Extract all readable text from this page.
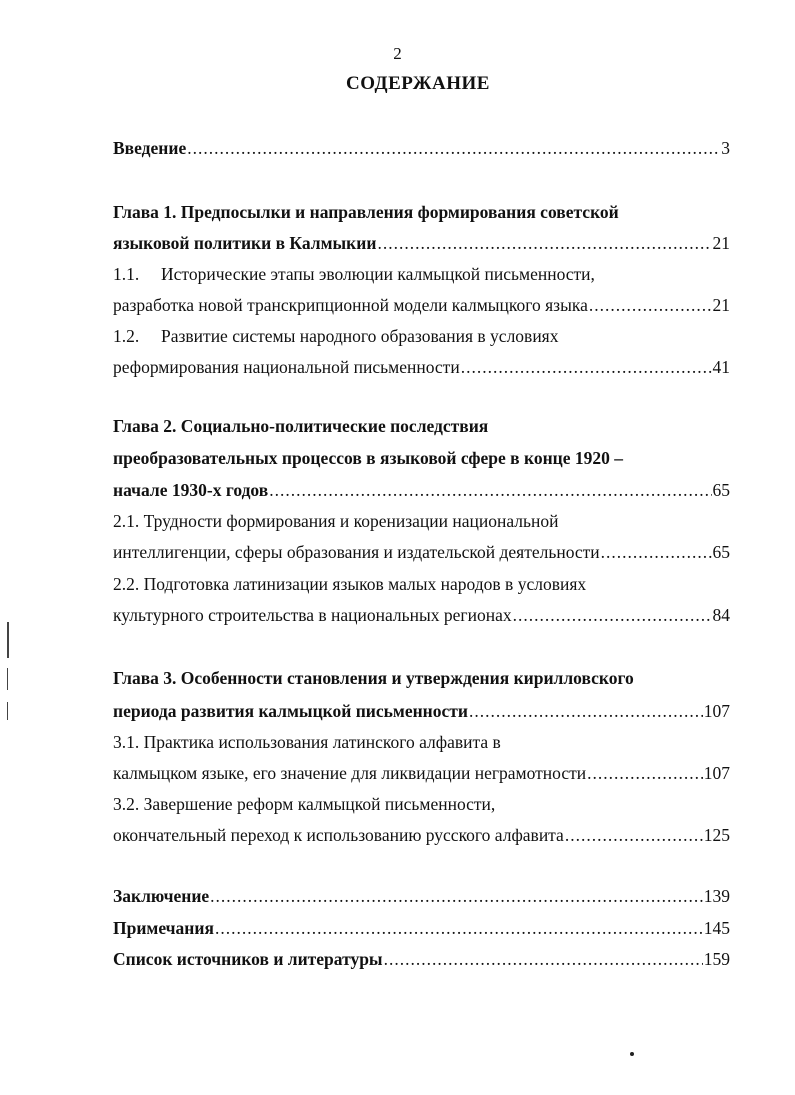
2
СОДЕРЖАНИЕ
Введение .....	3
Глава 1. Предпосылки и направления формирования советской
языковой политики в Калмыкии .....	21
1.1. Исторические этапы эволюции калмыцкой письменности,
разработка новой транскрипционной модели калмыцкого языка .....	21
1.2. Развитие системы народного образования в условиях
реформирования национальной письменности .....	41
Глава 2. Социально-политические последствия
преобразовательных процессов в языковой сфере в конце 1920 –
начале 1930-х годов .....	65
2.1. Трудности формирования и коренизации национальной
интеллигенции, сферы образования и издательской деятельности .....	65
2.2. Подготовка латинизации языков малых народов в условиях
культурного строительства в национальных регионах .....	84
Глава 3. Особенности становления и утверждения кирилловского
периода развития калмыцкой письменности .....	107
3.1. Практика использования латинского алфавита в
калмыцком языке, его значение для ликвидации неграмотности .....	107
3.2. Завершение реформ калмыцкой письменности,
окончательный переход к использованию русского алфавита .....	125
Заключение .....	139
Примечания .....	145
Список источников и литературы .....	159
